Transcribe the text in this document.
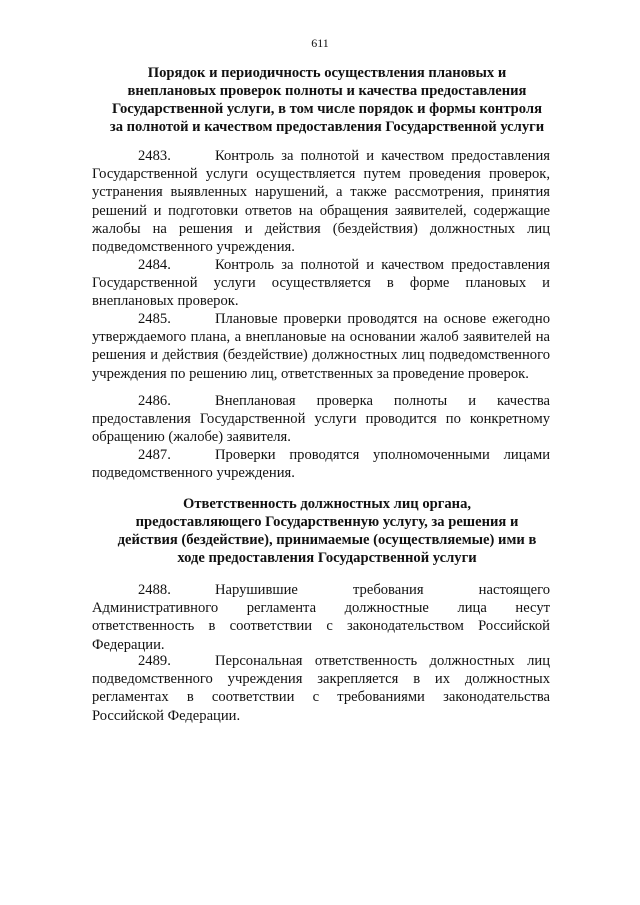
611
Порядок и периодичность осуществления плановых и
внеплановых проверок полноты и качества предоставления
Государственной услуги, в том числе порядок и формы контроля
за полнотой и качеством предоставления Государственной услуги

2483.	Контроль за полнотой и качеством предоставления Государственной услуги осуществляется путем проведения проверок, устранения выявленных нарушений, а также рассмотрения, принятия решений и подготовки ответов на обращения заявителей, содержащие жалобы на решения и действия (бездействия) должностных лиц подведомственного учреждения.

2484.	Контроль за полнотой и качеством предоставления Государственной услуги осуществляется в форме плановых и внеплановых проверок.

2485.	Плановые проверки проводятся на основе ежегодно утверждаемого плана, а внеплановые на основании жалоб заявителей на решения и действия (бездействие) должностных лиц подведомственного учреждения по решению лиц, ответственных за проведение проверок.

2486.	Внеплановая проверка полноты и качества предоставления Государственной услуги проводится по конкретному обращению (жалобе) заявителя.

2487.	Проверки проводятся уполномоченными лицами подведомственного учреждения.

Ответственность должностных лиц органа,
предоставляющего Государственную услугу, за решения и
действия (бездействие), принимаемые (осуществляемые) ими в
ходе предоставления Государственной услуги

2488.	Нарушившие требования настоящего Административного регламента должностные лица несут ответственность в соответствии с законодательством Российской Федерации.

2489.	Персональная ответственность должностных лиц подведомственного учреждения закрепляется в их должностных регламентах в соответствии с требованиями законодательства Российской Федерации.
